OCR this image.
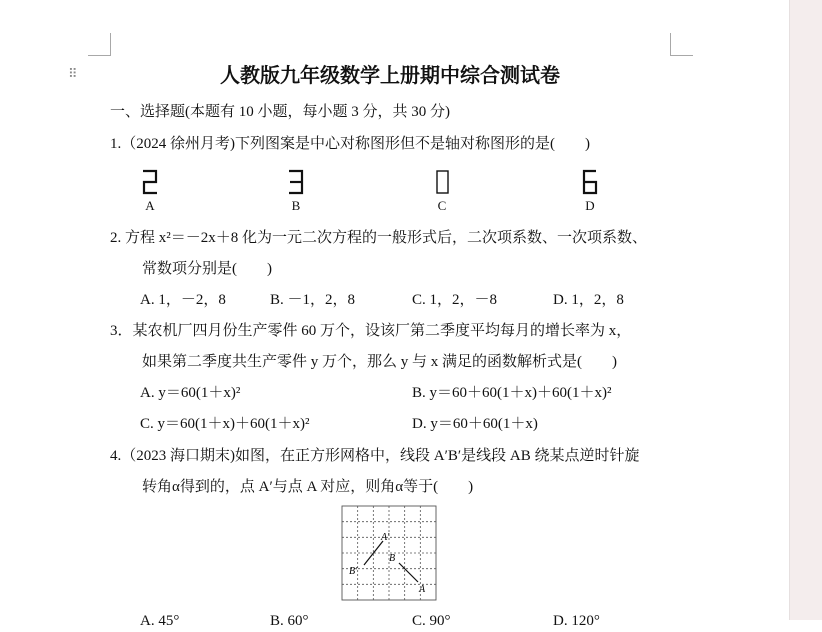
⠿	人教版九年级数学上册期中综合测试卷
一、选择题(本题有 10 小题，每小题 3 分，共 30 分)
1.（2024 徐州月考)下列图案是中心对称图形但不是轴对称图形的是(　　)
A	B	C	D
2. 方程 x²＝－2x＋8 化为一元二次方程的一般形式后，二次项系数、一次项系数、
常数项分别是(　　)
A. 1，－2，8	B. －1，2，8	C. 1，2，－8	D. 1，2，8
3．某农机厂四月份生产零件 60 万个，设该厂第二季度平均每月的增长率为 x，
如果第二季度共生产零件 y 万个，那么 y 与 x 满足的函数解析式是(　　)
A. y＝60(1＋x)²	B. y＝60＋60(1＋x)＋60(1＋x)²
C. y＝60(1＋x)＋60(1＋x)²	D. y＝60＋60(1＋x)
4.（2023 海口期末)如图，在正方形网格中，线段 A′B′是线段 AB 绕某点逆时针旋
转角α得到的，点 A′与点 A 对应，则角α等于(　　)
A′
B
B′
A
A. 45°	B. 60°	C. 90°	D. 120°
